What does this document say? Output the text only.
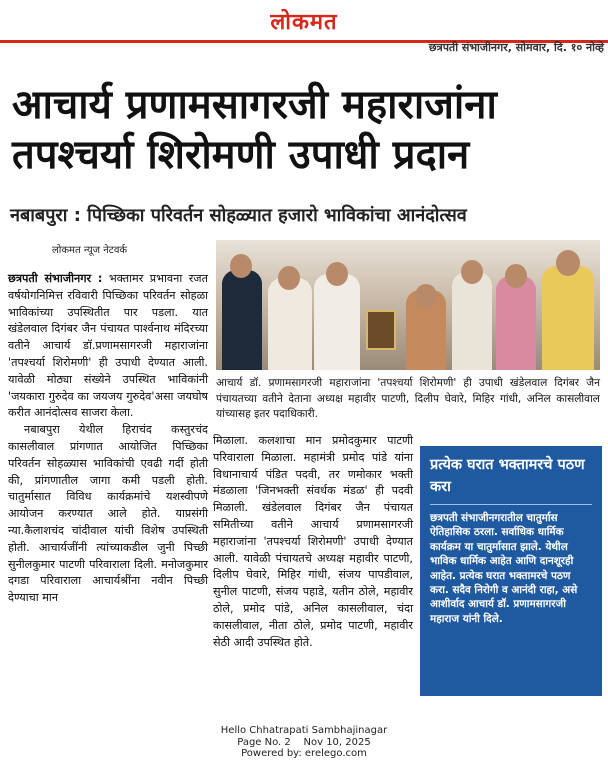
लोकमत
छत्रपती संभाजीनगर, सोमवार, दि. १० नोव्हे
आचार्य प्रणामसागरजी महाराजांना
तपश्चर्या शिरोमणी उपाधी प्रदान
नबाबपुरा : पिच्छिका परिवर्तन सोहळ्यात हजारो भाविकांचा आनंदोत्सव
लोकमत न्यूज नेटवर्क

छत्रपती संभाजीनगर : भक्तामर प्रभावना रजत वर्षयोगनिमित्त रविवारी पिच्छिका परिवर्तन सोहळा भाविकांच्या उपस्थितीत पार पडला. यात खंडेलवाल दिगंबर जैन पंचायत पार्श्वनाथ मंदिरच्या वतीने आचार्य डॉ.प्रणामसागरजी महाराजांना 'तपश्चर्या शिरोमणी' ही उपाधी देण्यात आली. यावेळी मोठ्या संख्येने उपस्थित भाविकांनी 'जयकारा गुरुदेव का जयजय गुरुदेव'असा जयघोष करीत आनंदोत्सव साजरा केला.

नबाबपुरा येथील हिराचंद कस्तुरचंद कासलीवाल प्रांगणात आयोजित पिच्छिका परिवर्तन सोहळ्यास भाविकांची एवढी गर्दी होती की, प्रांगणातील जागा कमी पडली होती. चातुर्मासात विविध कार्यक्रमांचे यशस्वीपणे आयोजन करण्यात आले होते. याप्रसंगी न्या.कैलाशचंद चांदीवाल यांची विशेष उपस्थिती होती. आचार्यजींनी त्यांच्याकडील जुनी पिच्छी सुनीलकुमार पाटणी परिवाराला दिली. मनोजकुमार दगडा परिवाराला आचार्यश्रींना नवीन पिच्छी देण्याचा मान

आचार्य डॉ. प्रणामसागरजी महाराजांना 'तपश्चर्या शिरोमणी' ही उपाधी खंडेलवाल दिगंबर जैन पंचायतच्या वतीने देताना अध्यक्ष महावीर पाटणी, दिलीप घेवारे, मिहिर गांधी, अनिल कासलीवाल यांच्यासह इतर पदाधिकारी.

मिळाला. कलशाचा मान प्रमोदकुमार पाटणी परिवाराला मिळाला. महामंत्री प्रमोद पांडे यांना विधानाचार्य पंडित पदवी, तर णमोकार भक्ती मंडळाला 'जिनभक्ती संवर्धक मंडळ' ही पदवी मिळाली. खंडेलवाल दिगंबर जैन पंचायत समितीच्या वतीने आचार्य प्रणामसागरजी महाराजांना 'तपश्चर्या शिरोमणी' उपाधी देण्यात आली. यावेळी पंचायतचे अध्यक्ष महावीर पाटणी, दिलीप घेवारे, मिहिर गांधी, संजय पापडीवाल, सुनील पाटणी, संजय पहाडे, यतीन ठोले, महावीर ठोले, प्रमोद पांडे, अनिल कासलीवाल, चंदा कासलीवाल, नीता ठोले, प्रमोद पाटणी, महावीर सेठी आदी उपस्थित होते.

प्रत्येक घरात भक्तामरचे पठण करा
छत्रपती संभाजीनगरातील चातुर्मास ऐतिहासिक ठरला. सर्वाधिक धार्मिक कार्यक्रम या चातुर्मासात झाले. येथील भाविक धार्मिक आहेत आणि दानशूरही आहेत. प्रत्येक घरात भक्तामरचे पठण करा. सदैव निरोगी व आनंदी राहा, असे आशीर्वाद आचार्य डॉ. प्रणामसागरजी महाराज यांनी दिले.
Hello Chhatrapati Sambhajinagar
Page No. 2    Nov 10, 2025
Powered by: erelego.com
